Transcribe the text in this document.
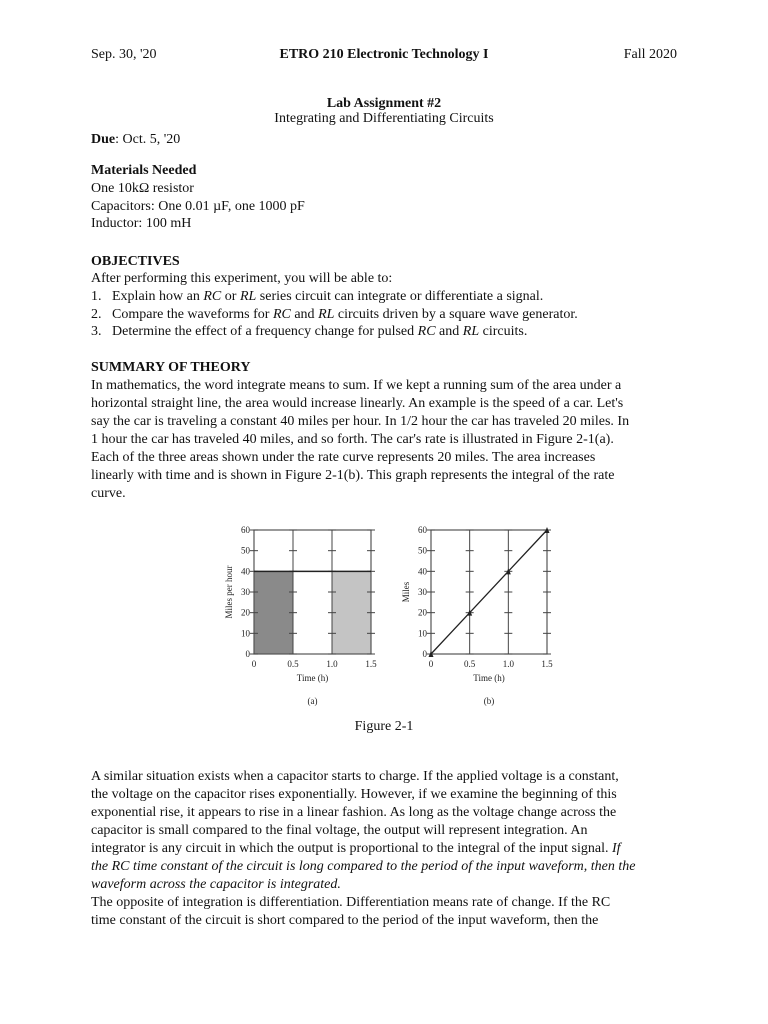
Sep. 30, '20	ETRO 210 Electronic Technology I	Fall 2020
Lab Assignment #2
Integrating and Differentiating Circuits
Due: Oct. 5, '20
Materials Needed
One 10kΩ resistor
Capacitors: One 0.01 µF, one 1000 pF
Inductor: 100 mH
OBJECTIVES
After performing this experiment, you will be able to:
1. Explain how an RC or RL series circuit can integrate or differentiate a signal.
2. Compare the waveforms for RC and RL circuits driven by a square wave generator.
3. Determine the effect of a frequency change for pulsed RC and RL circuits.
SUMMARY OF THEORY
In mathematics, the word integrate means to sum. If we kept a running sum of the area under a
horizontal straight line, the area would increase linearly. An example is the speed of a car. Let's
say the car is traveling a constant 40 miles per hour. In 1/2 hour the car has traveled 20 miles. In
1 hour the car has traveled 40 miles, and so forth. The car's rate is illustrated in Figure 2-1(a).
Each of the three areas shown under the rate curve represents 20 miles. The area increases
linearly with time and is shown in Figure 2-1(b). This graph represents the integral of the rate
curve.
0	0.5	1.0	1.5
0
10
20
30
40
50
60
Time (h)
Miles per hour
(a)
0	0.5	1.0	1.5
0
10
20
30
40
50
60
Time (h)
Miles
(b)
Figure 2-1
A similar situation exists when a capacitor starts to charge. If the applied voltage is a constant,
the voltage on the capacitor rises exponentially. However, if we examine the beginning of this
exponential rise, it appears to rise in a linear fashion. As long as the voltage change across the
capacitor is small compared to the final voltage, the output will represent integration. An
integrator is any circuit in which the output is proportional to the integral of the input signal. If
the RC time constant of the circuit is long compared to the period of the input waveform, then the
waveform across the capacitor is integrated.
The opposite of integration is differentiation. Differentiation means rate of change. If the RC
time constant of the circuit is short compared to the period of the input waveform, then the
